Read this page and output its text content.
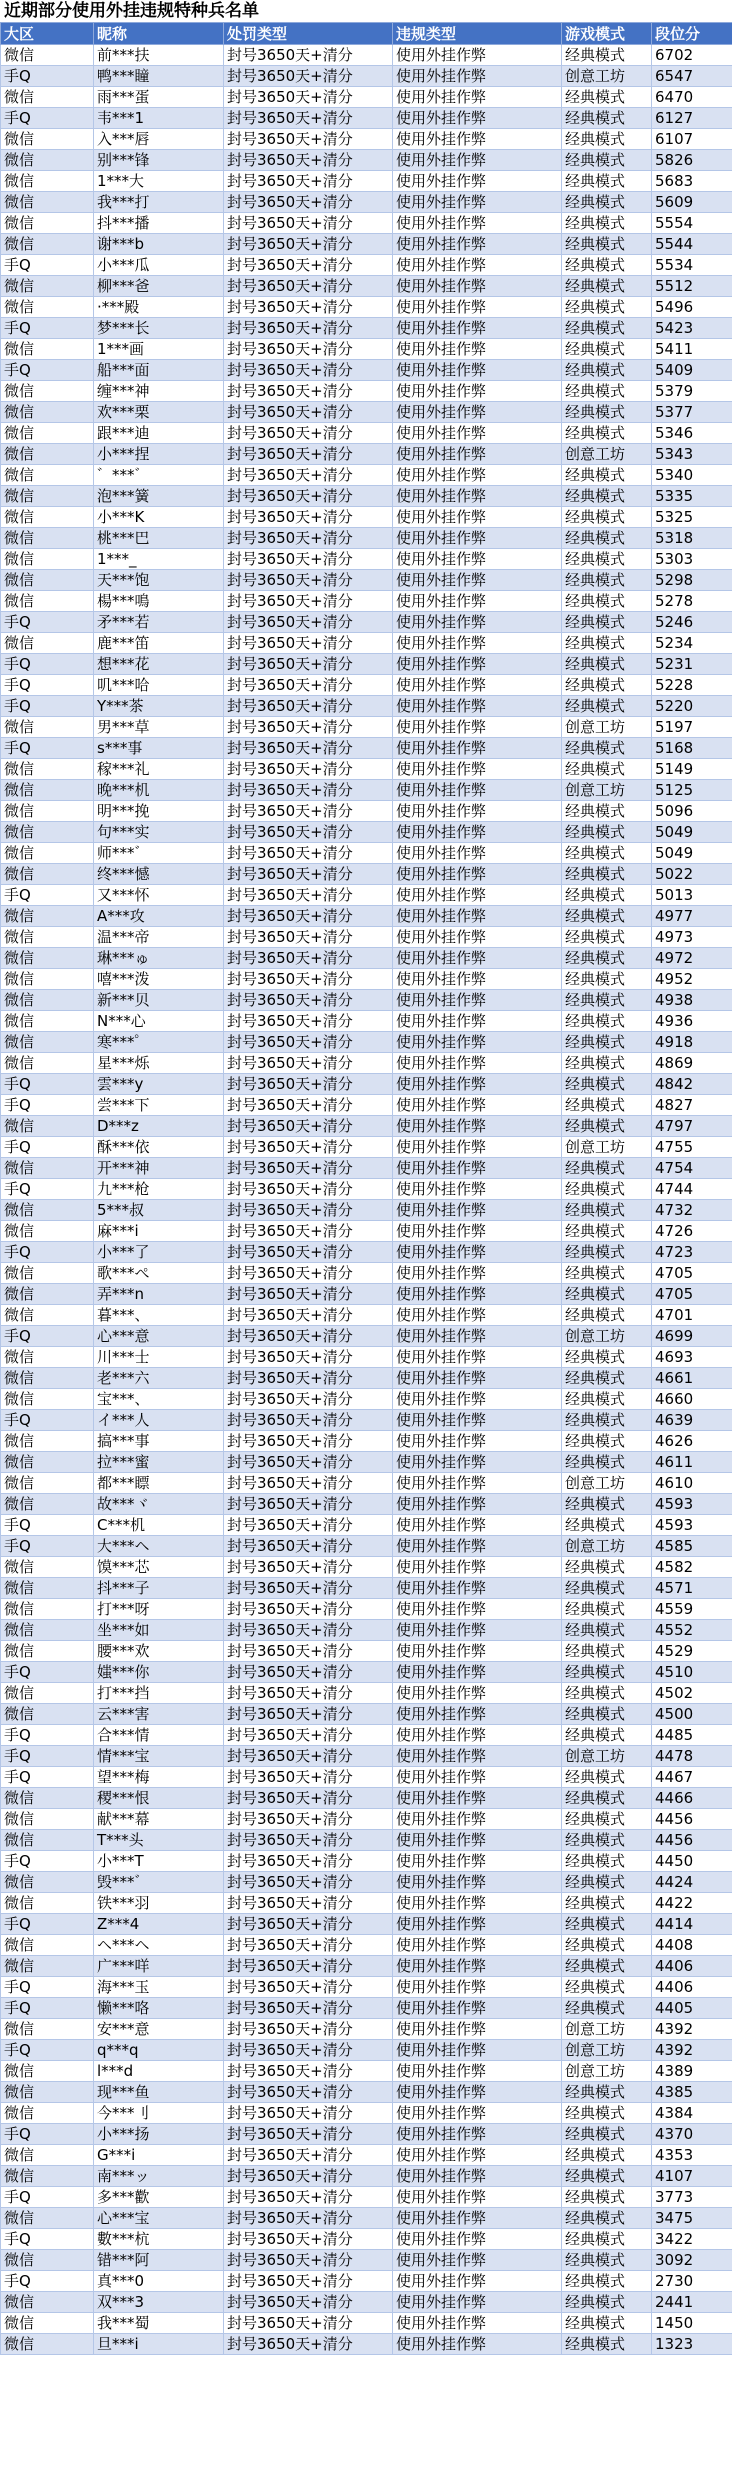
近期部分使用外挂违规特种兵名单
大区	昵称	处罚类型	违规类型	游戏模式	段位分
微信	前***扶	封号3650天+清分	使用外挂作弊	经典模式	6702
手Q	鸭***瞳	封号3650天+清分	使用外挂作弊	创意工坊	6547
微信	雨***蛋	封号3650天+清分	使用外挂作弊	经典模式	6470
手Q	韦***1	封号3650天+清分	使用外挂作弊	经典模式	6127
微信	入***唇	封号3650天+清分	使用外挂作弊	经典模式	6107
微信	别***锋	封号3650天+清分	使用外挂作弊	经典模式	5826
微信	1***大	封号3650天+清分	使用外挂作弊	经典模式	5683
微信	我***打	封号3650天+清分	使用外挂作弊	经典模式	5609
微信	抖***播	封号3650天+清分	使用外挂作弊	经典模式	5554
微信	谢***b	封号3650天+清分	使用外挂作弊	经典模式	5544
手Q	小***瓜	封号3650天+清分	使用外挂作弊	经典模式	5534
微信	柳***爸	封号3650天+清分	使用外挂作弊	经典模式	5512
微信	·***殿	封号3650天+清分	使用外挂作弊	经典模式	5496
手Q	梦***长	封号3650天+清分	使用外挂作弊	经典模式	5423
微信	1***画	封号3650天+清分	使用外挂作弊	经典模式	5411
手Q	船***面	封号3650天+清分	使用外挂作弊	经典模式	5409
微信	缠***神	封号3650天+清分	使用外挂作弊	经典模式	5379
微信	欢***栗	封号3650天+清分	使用外挂作弊	经典模式	5377
微信	跟***迪	封号3650天+清分	使用外挂作弊	经典模式	5346
微信	小***捏	封号3650天+清分	使用外挂作弊	创意工坊	5343
微信	゛***゛	封号3650天+清分	使用外挂作弊	经典模式	5340
微信	泡***簧	封号3650天+清分	使用外挂作弊	经典模式	5335
微信	小***K	封号3650天+清分	使用外挂作弊	经典模式	5325
微信	桃***巴	封号3650天+清分	使用外挂作弊	经典模式	5318
微信	1***_	封号3650天+清分	使用外挂作弊	经典模式	5303
微信	天***饱	封号3650天+清分	使用外挂作弊	经典模式	5298
微信	楊***鳴	封号3650天+清分	使用外挂作弊	经典模式	5278
手Q	矛***若	封号3650天+清分	使用外挂作弊	经典模式	5246
微信	鹿***笛	封号3650天+清分	使用外挂作弊	经典模式	5234
手Q	想***花	封号3650天+清分	使用外挂作弊	经典模式	5231
手Q	叽***哈	封号3650天+清分	使用外挂作弊	经典模式	5228
手Q	Y***茶	封号3650天+清分	使用外挂作弊	经典模式	5220
微信	男***草	封号3650天+清分	使用外挂作弊	创意工坊	5197
手Q	s***事	封号3650天+清分	使用外挂作弊	经典模式	5168
微信	稼***礼	封号3650天+清分	使用外挂作弊	经典模式	5149
微信	晚***机	封号3650天+清分	使用外挂作弊	创意工坊	5125
微信	明***挽	封号3650天+清分	使用外挂作弊	经典模式	5096
微信	句***实	封号3650天+清分	使用外挂作弊	经典模式	5049
微信	师***゛	封号3650天+清分	使用外挂作弊	经典模式	5049
微信	终***憾	封号3650天+清分	使用外挂作弊	经典模式	5022
手Q	又***怀	封号3650天+清分	使用外挂作弊	经典模式	5013
微信	A***攻	封号3650天+清分	使用外挂作弊	经典模式	4977
微信	温***帝	封号3650天+清分	使用外挂作弊	经典模式	4973
微信	琳***ゅ	封号3650天+清分	使用外挂作弊	经典模式	4972
微信	嘻***泼	封号3650天+清分	使用外挂作弊	经典模式	4952
微信	新***贝	封号3650天+清分	使用外挂作弊	经典模式	4938
微信	N***心	封号3650天+清分	使用外挂作弊	经典模式	4936
微信	寒***゜	封号3650天+清分	使用外挂作弊	经典模式	4918
微信	星***烁	封号3650天+清分	使用外挂作弊	经典模式	4869
手Q	雲***y	封号3650天+清分	使用外挂作弊	经典模式	4842
手Q	尝***下	封号3650天+清分	使用外挂作弊	经典模式	4827
微信	D***z	封号3650天+清分	使用外挂作弊	经典模式	4797
手Q	酥***依	封号3650天+清分	使用外挂作弊	创意工坊	4755
微信	开***神	封号3650天+清分	使用外挂作弊	经典模式	4754
手Q	九***枪	封号3650天+清分	使用外挂作弊	经典模式	4744
微信	5***叔	封号3650天+清分	使用外挂作弊	经典模式	4732
微信	麻***i	封号3650天+清分	使用外挂作弊	经典模式	4726
手Q	小***了	封号3650天+清分	使用外挂作弊	经典模式	4723
微信	歌***ぺ	封号3650天+清分	使用外挂作弊	经典模式	4705
微信	弄***n	封号3650天+清分	使用外挂作弊	经典模式	4705
微信	暮***、	封号3650天+清分	使用外挂作弊	经典模式	4701
手Q	心***意	封号3650天+清分	使用外挂作弊	创意工坊	4699
微信	川***士	封号3650天+清分	使用外挂作弊	经典模式	4693
微信	老***六	封号3650天+清分	使用外挂作弊	经典模式	4661
微信	宝***、	封号3650天+清分	使用外挂作弊	经典模式	4660
手Q	イ***人	封号3650天+清分	使用外挂作弊	经典模式	4639
微信	搞***事	封号3650天+清分	使用外挂作弊	经典模式	4626
微信	拉***蜜	封号3650天+清分	使用外挂作弊	经典模式	4611
微信	都***瞟	封号3650天+清分	使用外挂作弊	创意工坊	4610
微信	故***ヾ	封号3650天+清分	使用外挂作弊	经典模式	4593
手Q	C***机	封号3650天+清分	使用外挂作弊	经典模式	4593
手Q	大***ヘ	封号3650天+清分	使用外挂作弊	创意工坊	4585
微信	馍***芯	封号3650天+清分	使用外挂作弊	经典模式	4582
微信	抖***子	封号3650天+清分	使用外挂作弊	经典模式	4571
微信	打***呀	封号3650天+清分	使用外挂作弊	经典模式	4559
微信	坐***如	封号3650天+清分	使用外挂作弊	经典模式	4552
微信	腰***欢	封号3650天+清分	使用外挂作弊	经典模式	4529
手Q	媸***你	封号3650天+清分	使用外挂作弊	经典模式	4510
微信	打***挡	封号3650天+清分	使用外挂作弊	经典模式	4502
微信	云***害	封号3650天+清分	使用外挂作弊	经典模式	4500
手Q	合***情	封号3650天+清分	使用外挂作弊	经典模式	4485
手Q	情***宝	封号3650天+清分	使用外挂作弊	创意工坊	4478
手Q	望***梅	封号3650天+清分	使用外挂作弊	经典模式	4467
微信	稷***恨	封号3650天+清分	使用外挂作弊	经典模式	4466
微信	献***幕	封号3650天+清分	使用外挂作弊	经典模式	4456
微信	T***头	封号3650天+清分	使用外挂作弊	经典模式	4456
手Q	小***T	封号3650天+清分	使用外挂作弊	经典模式	4450
微信	毁***゛	封号3650天+清分	使用外挂作弊	经典模式	4424
微信	铁***羽	封号3650天+清分	使用外挂作弊	经典模式	4422
手Q	Z***4	封号3650天+清分	使用外挂作弊	经典模式	4414
微信	ヘ***ヘ	封号3650天+清分	使用外挂作弊	经典模式	4408
微信	广***咩	封号3650天+清分	使用外挂作弊	经典模式	4406
手Q	海***玉	封号3650天+清分	使用外挂作弊	经典模式	4406
手Q	懒***咯	封号3650天+清分	使用外挂作弊	经典模式	4405
微信	安***意	封号3650天+清分	使用外挂作弊	创意工坊	4392
手Q	q***q	封号3650天+清分	使用外挂作弊	创意工坊	4392
微信	l***d	封号3650天+清分	使用外挂作弊	创意工坊	4389
微信	现***鱼	封号3650天+清分	使用外挂作弊	经典模式	4385
微信	今***刂	封号3650天+清分	使用外挂作弊	经典模式	4384
手Q	小***扬	封号3650天+清分	使用外挂作弊	经典模式	4370
微信	G***i	封号3650天+清分	使用外挂作弊	经典模式	4353
微信	南***ッ	封号3650天+清分	使用外挂作弊	经典模式	4107
手Q	多***歡	封号3650天+清分	使用外挂作弊	经典模式	3773
微信	心***宝	封号3650天+清分	使用外挂作弊	经典模式	3475
手Q	數***杭	封号3650天+清分	使用外挂作弊	经典模式	3422
微信	错***阿	封号3650天+清分	使用外挂作弊	经典模式	3092
手Q	真***0	封号3650天+清分	使用外挂作弊	经典模式	2730
微信	双***3	封号3650天+清分	使用外挂作弊	经典模式	2441
微信	我***蜀	封号3650天+清分	使用外挂作弊	经典模式	1450
微信	旦***i	封号3650天+清分	使用外挂作弊	经典模式	1323
